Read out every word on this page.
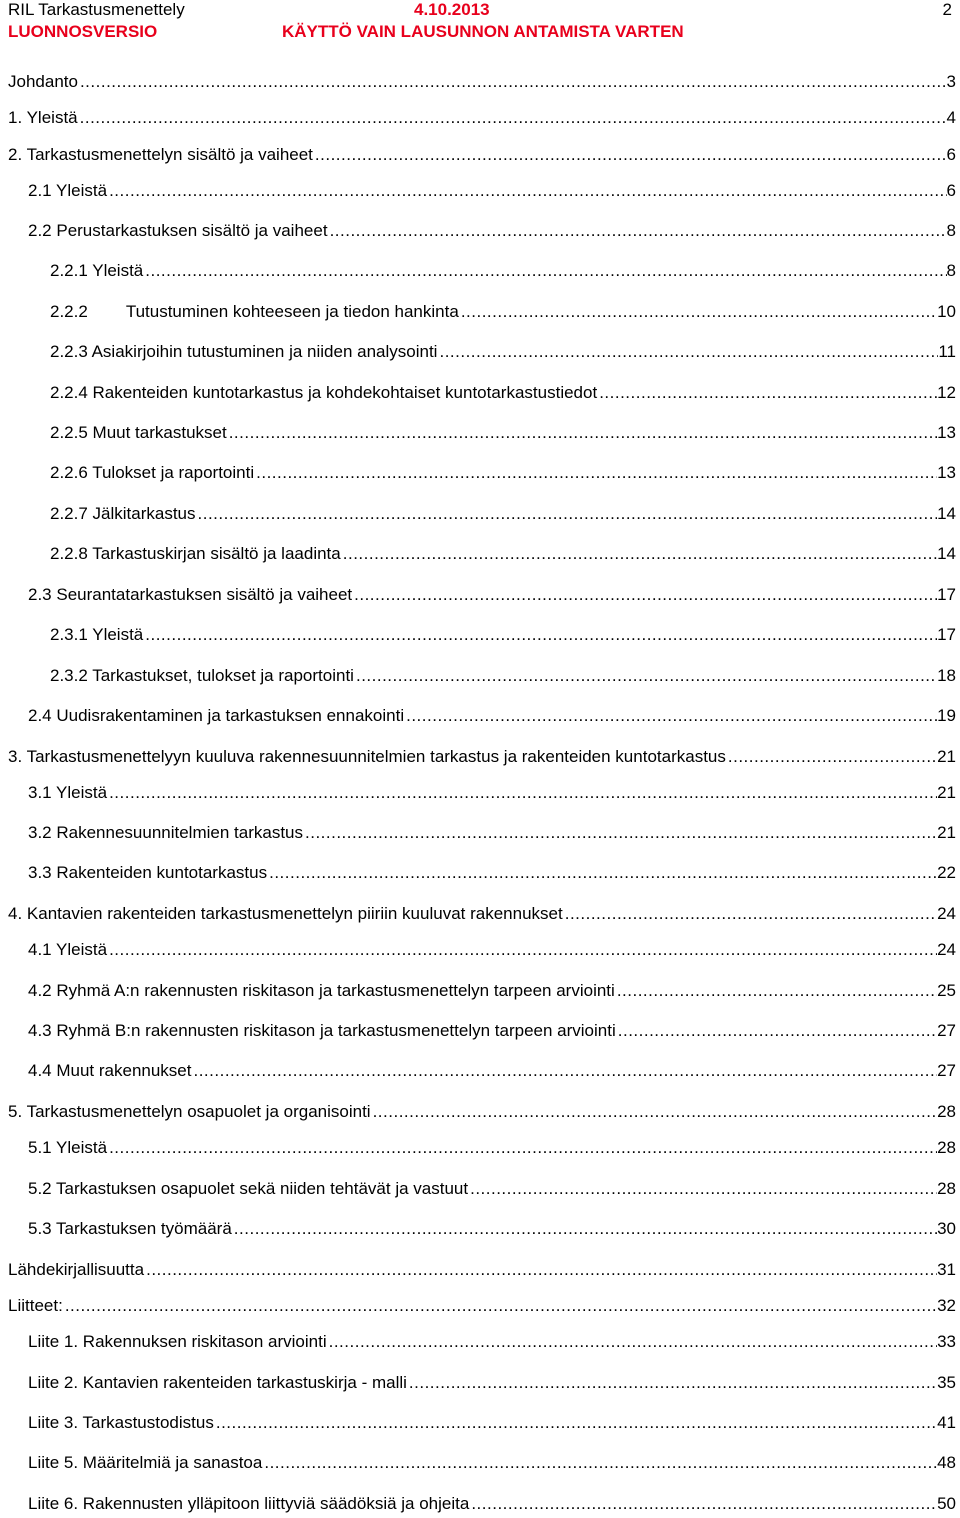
RIL Tarkastusmenettely	4.10.2013	2
LUONNOSVERSIO	KÄYTTÖ VAIN LAUSUNNON ANTAMISTA VARTEN
Johdanto .....	3
1. Yleistä .....	4
2. Tarkastusmenettelyn sisältö ja vaiheet .....	6
2.1 Yleistä .....	6
2.2 Perustarkastuksen sisältö ja vaiheet .....	8
2.2.1 Yleistä .....	8
2.2.2 Tutustuminen kohteeseen ja tiedon hankinta .....	10
2.2.3 Asiakirjoihin tutustuminen ja niiden analysointi .....	11
2.2.4 Rakenteiden kuntotarkastus ja kohdekohtaiset kuntotarkastustiedot .....	12
2.2.5 Muut tarkastukset .....	13
2.2.6 Tulokset ja raportointi .....	13
2.2.7 Jälkitarkastus .....	14
2.2.8 Tarkastuskirjan sisältö ja laadinta .....	14
2.3 Seurantatarkastuksen sisältö ja vaiheet .....	17
2.3.1 Yleistä .....	17
2.3.2 Tarkastukset, tulokset ja raportointi .....	18
2.4 Uudisrakentaminen ja tarkastuksen ennakointi .....	19
3. Tarkastusmenettelyyn kuuluva rakennesuunnitelmien tarkastus ja rakenteiden kuntotarkastus .....	21
3.1 Yleistä .....	21
3.2 Rakennesuunnitelmien tarkastus .....	21
3.3 Rakenteiden kuntotarkastus .....	22
4. Kantavien rakenteiden tarkastusmenettelyn piiriin kuuluvat rakennukset .....	24
4.1 Yleistä .....	24
4.2 Ryhmä A:n rakennusten riskitason ja tarkastusmenettelyn tarpeen arviointi .....	25
4.3 Ryhmä B:n rakennusten riskitason ja tarkastusmenettelyn tarpeen arviointi .....	27
4.4 Muut rakennukset .....	27
5. Tarkastusmenettelyn osapuolet ja organisointi .....	28
5.1 Yleistä .....	28
5.2 Tarkastuksen osapuolet sekä niiden tehtävät ja vastuut .....	28
5.3 Tarkastuksen työmäärä .....	30
Lähdekirjallisuutta .....	31
Liitteet: .....	32
Liite 1. Rakennuksen riskitason arviointi .....	33
Liite 2. Kantavien rakenteiden tarkastuskirja - malli .....	35
Liite 3. Tarkastustodistus .....	41
Liite 5. Määritelmiä ja sanastoa .....	48
Liite 6. Rakennusten ylläpitoon liittyviä säädöksiä ja ohjeita .....	50
